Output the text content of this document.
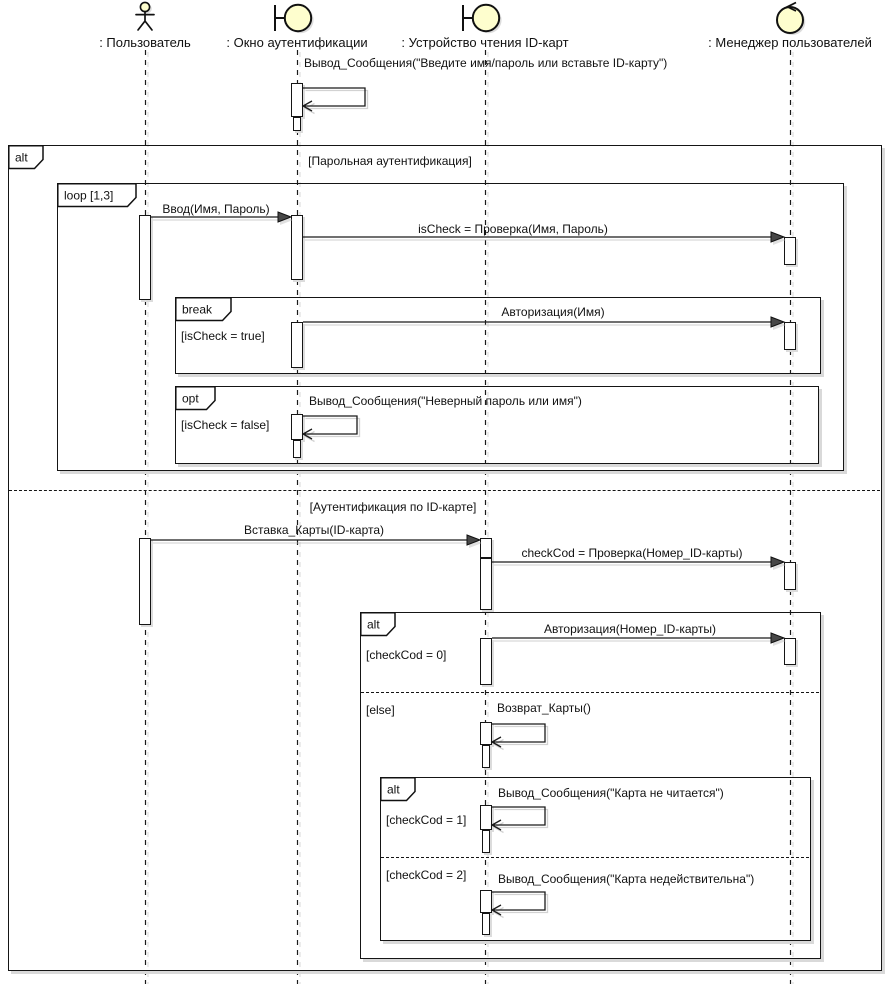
: Пользователь	: Окно аутентификации	: Устройство чтения ID-карт	: Менеджер пользователей
alt
loop [1,3]
break
opt
alt
alt
[Парольная аутентификация]
[Аутентификация по ID-карте]
[isCheck = true]
[isCheck = false]
[checkCod = 0]
[else]
[checkCod = 1]
[checkCod = 2]
Вывод_Сообщения("Введите имя/пароль или вставьте ID-карту")
Ввод(Имя, Пароль)
isCheck = Проверка(Имя, Пароль)
Авторизация(Имя)
Вывод_Сообщения("Неверный пароль или имя")
Вставка_Карты(ID-карта)
checkCod = Проверка(Номер_ID-карты)
Авторизация(Номер_ID-карты)
Возврат_Карты()
Вывод_Сообщения("Карта не читается")
Вывод_Сообщения("Карта недействительна")
